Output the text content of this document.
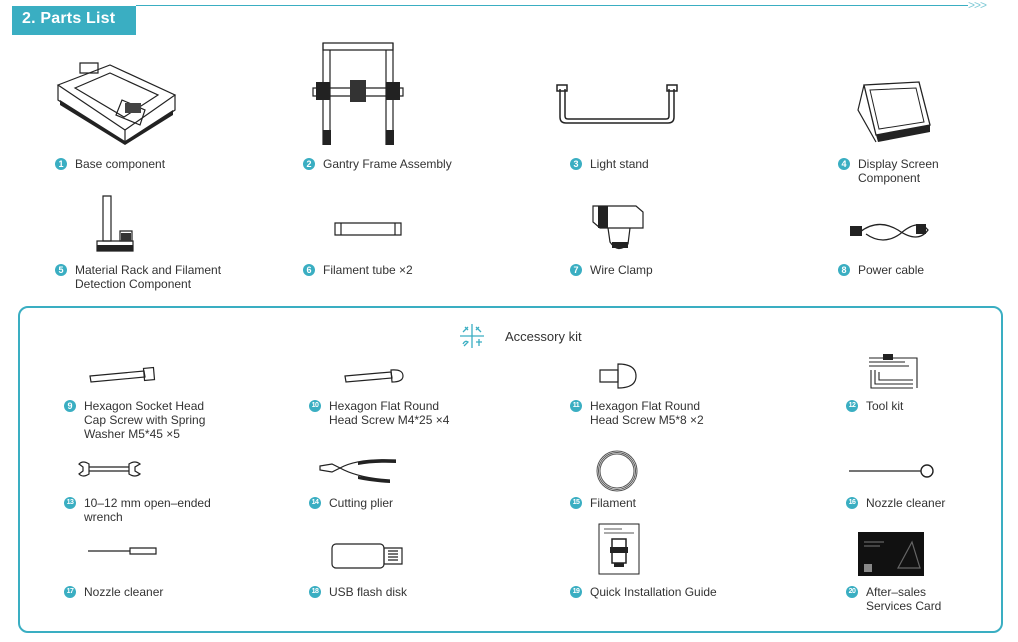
2. Parts List
>>>
Accessory kit
1 Base component	2 Gantry Frame Assembly	3 Light stand	4 Display Screen
Component
5 Material Rack and Filament
Detection Component
6 Filament tube ×2	7 Wire Clamp	8 Power cable
9 Hexagon Socket Head
Cap Screw with Spring
Washer M5*45 ×5
10 Hexagon Flat Round
Head Screw M4*25 ×4
11 Hexagon Flat Round
Head Screw M5*8 ×2
12 Tool kit
13 10–12 mm open–ended
wrench
14 Cutting plier	15 Filament	16 Nozzle cleaner
17 Nozzle cleaner	18 USB flash disk	19 Quick Installation Guide	20 After–sales
Services Card
